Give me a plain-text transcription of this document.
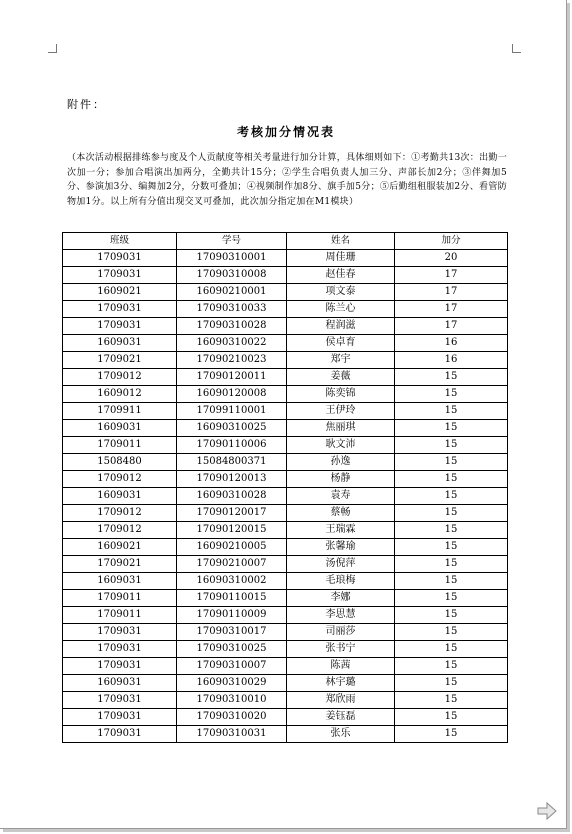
附件：
考核加分情况表
（本次活动根据排练参与度及个人贡献度等相关考量进行加分计算，具体细则如下：①考勤共13次：出勤一次加一分；参加合唱演出加两分，全勤共计15分；②学生合唱负责人加三分、声部长加2分；③伴舞加5分、参演加3分、编舞加2分，分数可叠加；④视频制作加8分、旗手加5分；⑤后勤组租服装加2分、看管防物加1分。以上所有分值出现交叉可叠加，此次加分指定加在M1模块）
班级	学号	姓名	加分
1709031	17090310001	周佳珊	20
1709031	17090310008	赵佳春	17
1609021	16090210001	项文泰	17
1709031	17090310033	陈兰心	17
1709031	17090310028	程润滋	17
1609031	16090310022	侯卓育	16
1709021	17090210023	郑宇	16
1709012	17090120011	姜薇	15
1609012	16090120008	陈奕锦	15
1709911	17099110001	王伊玲	15
1609031	16090310025	焦丽琪	15
1709011	17090110006	耿文沛	15
1508480	15084800371	孙逸	15
1709012	17090120013	杨静	15
1609031	16090310028	袁寿	15
1709012	17090120017	蔡畅	15
1709012	17090120015	王瑞霖	15
1609021	16090210005	张馨瑜	15
1709021	17090210007	汤倪萍	15
1609031	16090310002	毛琅梅	15
1709011	17090110015	李娜	15
1709011	17090110009	李思慧	15
1709031	17090310017	司丽莎	15
1709031	17090310025	张书宁	15
1709031	17090310007	陈茜	15
1609031	16090310029	林宇璐	15
1709031	17090310010	郑欣雨	15
1709031	17090310020	姜钰磊	15
1709031	17090310031	张乐	15
